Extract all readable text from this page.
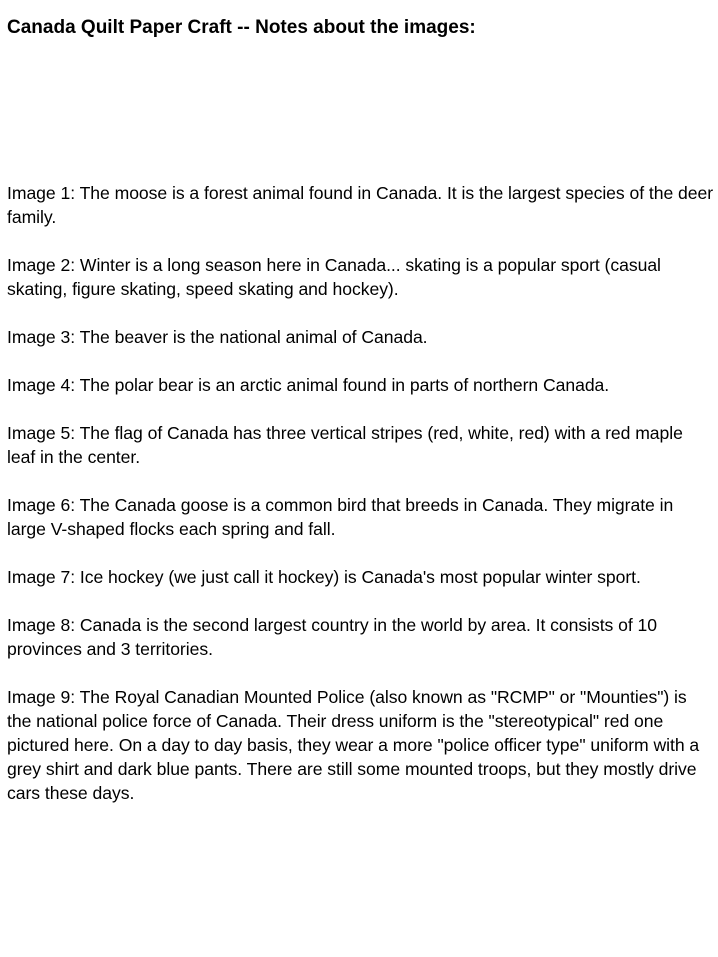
Canada Quilt Paper Craft -- Notes about the images:

Image 1: The moose is a forest animal found in Canada. It is the largest species of the deer family.

Image 2: Winter is a long season here in Canada... skating is a popular sport (casual skating, figure skating, speed skating and hockey).

Image 3: The beaver is the national animal of Canada.

Image 4: The polar bear is an arctic animal found in parts of northern Canada.

Image 5: The flag of Canada has three vertical stripes (red, white, red) with a red maple leaf in the center.

Image 6: The Canada goose is a common bird that breeds in Canada. They migrate in large V-shaped flocks each spring and fall.

Image 7: Ice hockey (we just call it hockey) is Canada's most popular winter sport.

Image 8: Canada is the second largest country in the world by area. It consists of 10 provinces and 3 territories.

Image 9: The Royal Canadian Mounted Police (also known as "RCMP" or "Mounties") is the national police force of Canada. Their dress uniform is the "stereotypical" red one pictured here. On a day to day basis, they wear a more "police officer type" uniform with a grey shirt and dark blue pants. There are still some mounted troops, but they mostly drive cars these days.
